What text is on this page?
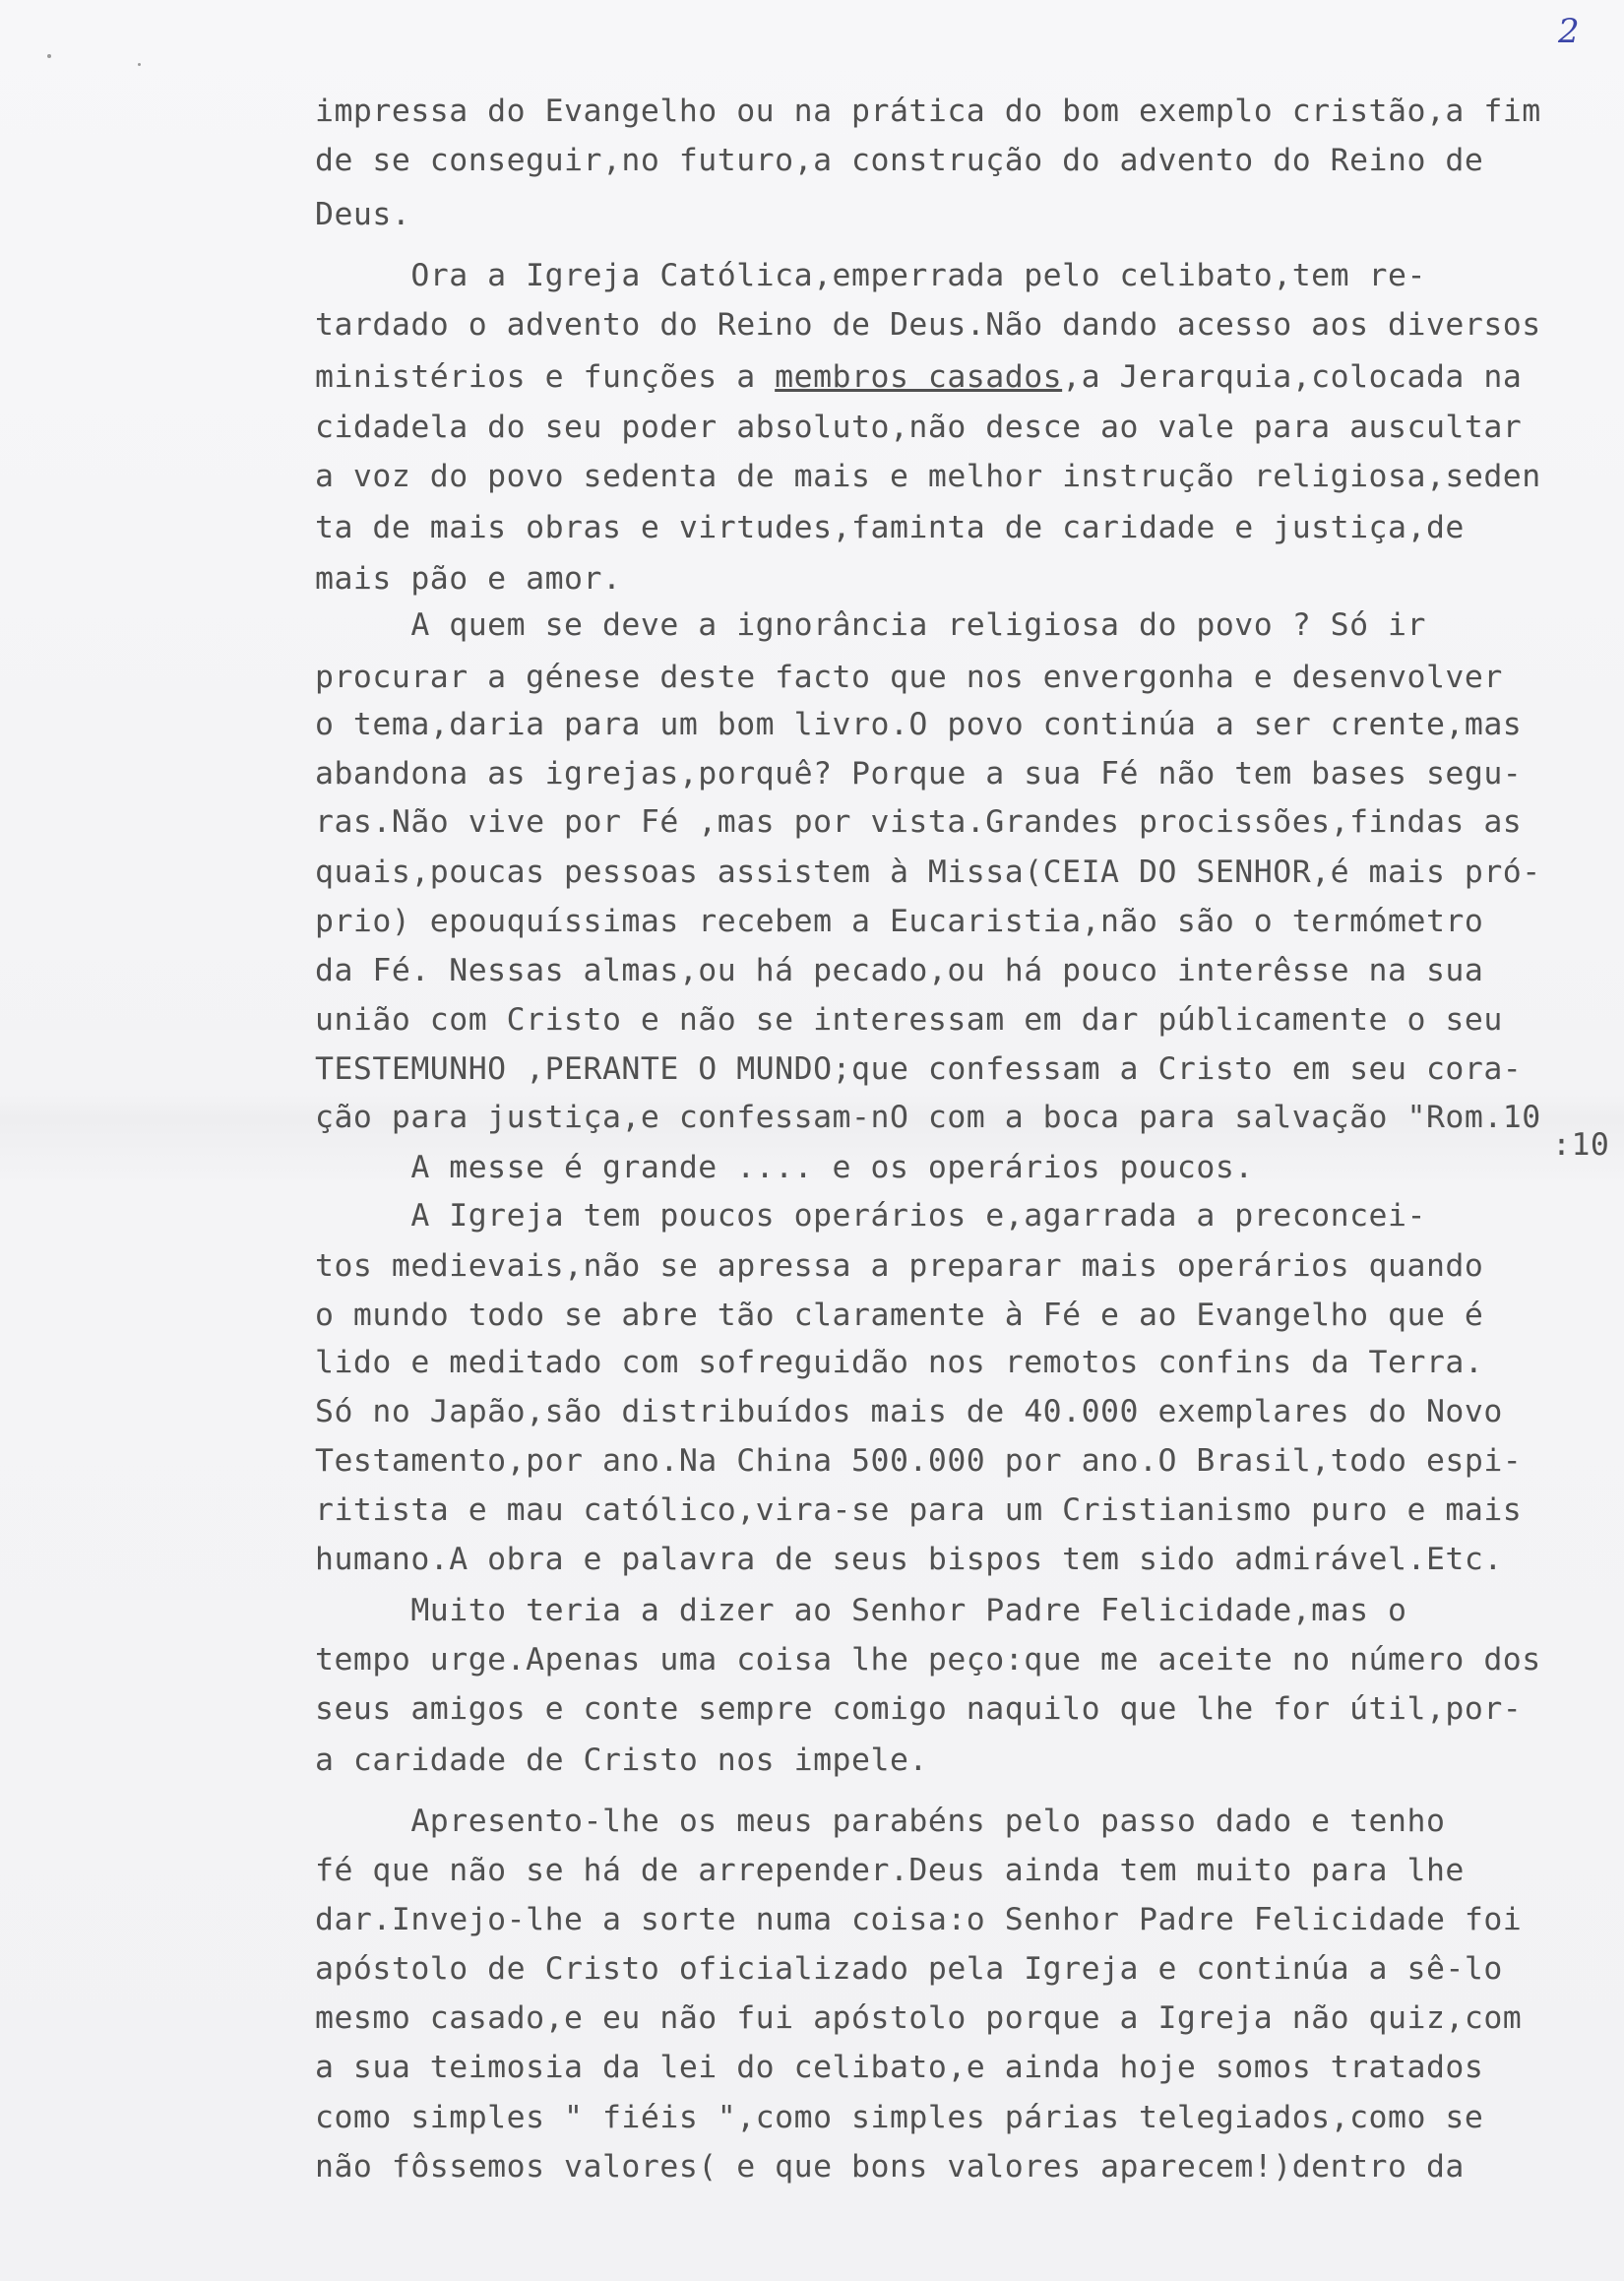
2
impressa do Evangelho ou na prática do bom exemplo cristão,a fim
de se conseguir,no futuro,a construção do advento do Reino de
Deus.
Ora a Igreja Católica,emperrada pelo celibato,tem re-
tardado o advento do Reino de Deus.Não dando acesso aos diversos
ministérios e funções a membros casados,a Jerarquia,colocada na
cidadela do seu poder absoluto,não desce ao vale para auscultar
a voz do povo sedenta de mais e melhor instrução religiosa,seden
ta de mais obras e virtudes,faminta de caridade e justiça,de
mais pão e amor.
A quem se deve a ignorância religiosa do povo ? Só ir
procurar a génese deste facto que nos envergonha e desenvolver
o tema,daria para um bom livro.O povo continúa a ser crente,mas
abandona as igrejas,porquê? Porque a sua Fé não tem bases segu-
ras.Não vive por Fé ,mas por vista.Grandes procissões,findas as
quais,poucas pessoas assistem à Missa(CEIA DO SENHOR,é mais pró-
prio) epouquíssimas recebem a Eucaristia,não são o termómetro
da Fé. Nessas almas,ou há pecado,ou há pouco interêsse na sua
união com Cristo e não se interessam em dar públicamente o seu
TESTEMUNHO ,PERANTE O MUNDO;que confessam a Cristo em seu cora-
ção para justiça,e confessam-nO com a boca para salvação "Rom.10
:10
A messe é grande .... e os operários poucos.
A Igreja tem poucos operários e,agarrada a preconcei-
tos medievais,não se apressa a preparar mais operários quando
o mundo todo se abre tão claramente à Fé e ao Evangelho que é
lido e meditado com sofreguidão nos remotos confins da Terra.
Só no Japão,são distribuídos mais de 40.000 exemplares do Novo
Testamento,por ano.Na China 500.000 por ano.O Brasil,todo espi-
ritista e mau católico,vira-se para um Cristianismo puro e mais
humano.A obra e palavra de seus bispos tem sido admirável.Etc.
Muito teria a dizer ao Senhor Padre Felicidade,mas o
tempo urge.Apenas uma coisa lhe peço:que me aceite no número dos
seus amigos e conte sempre comigo naquilo que lhe for útil,por-
a caridade de Cristo nos impele.
Apresento-lhe os meus parabéns pelo passo dado e tenho
fé que não se há de arrepender.Deus ainda tem muito para lhe
dar.Invejo-lhe a sorte numa coisa:o Senhor Padre Felicidade foi
apóstolo de Cristo oficializado pela Igreja e continúa a sê-lo
mesmo casado,e eu não fui apóstolo porque a Igreja não quiz,com
a sua teimosia da lei do celibato,e ainda hoje somos tratados
como simples " fiéis ",como simples párias telegiados,como se
não fôssemos valores( e que bons valores aparecem!)dentro da
